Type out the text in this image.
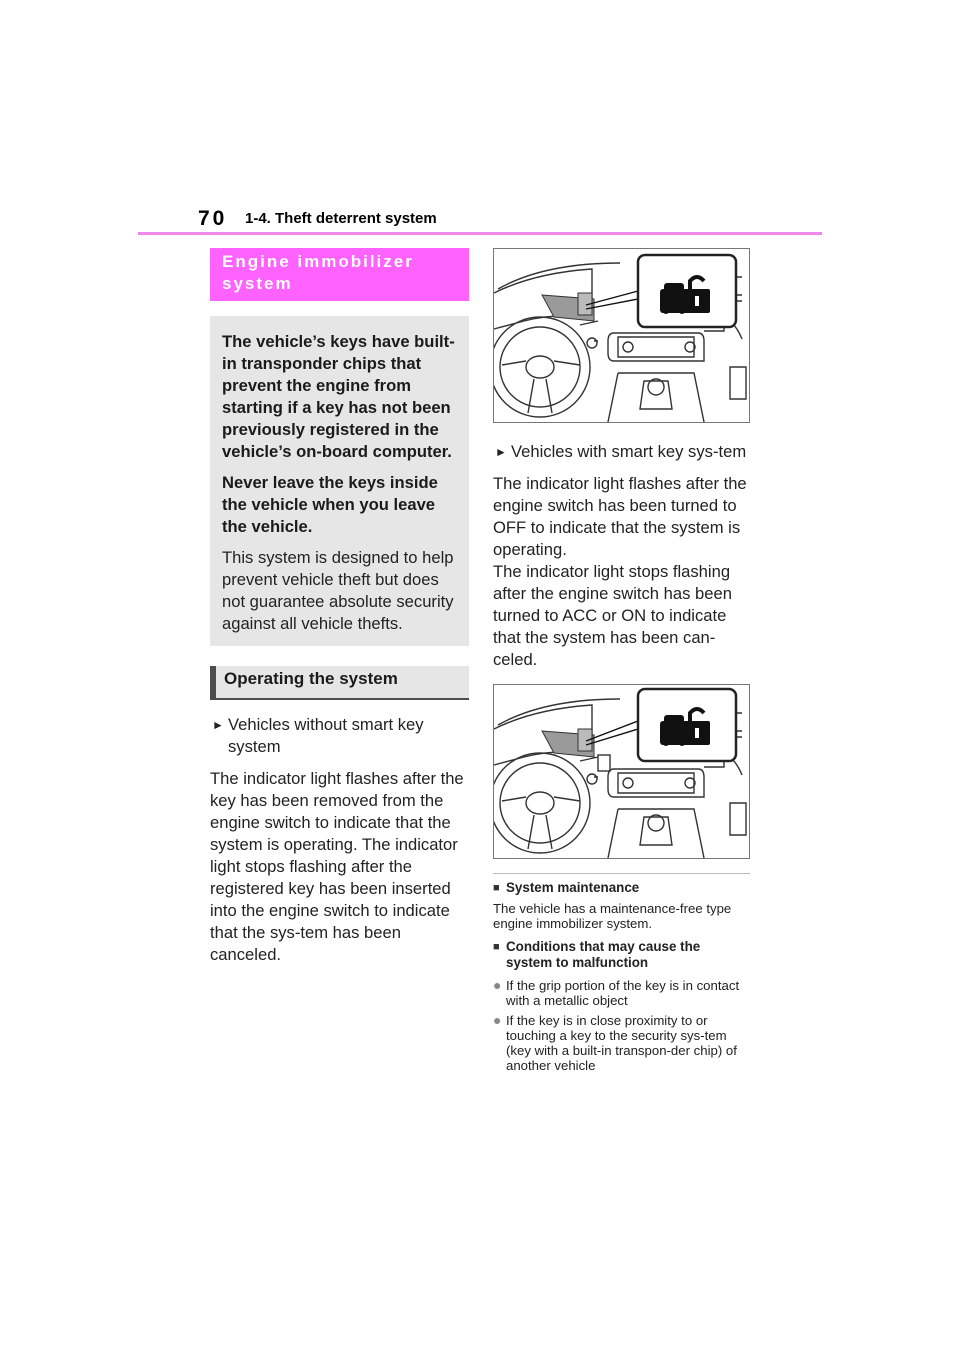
70 1-4. Theft deterrent system
Engine immobilizer system

The vehicle’s keys have built-in transponder chips that prevent the engine from starting if a key has not been previously registered in the vehicle’s on-board computer.

Never leave the keys inside the vehicle when you leave the vehicle.

This system is designed to help prevent vehicle theft but does not guarantee absolute security against all vehicle thefts.

Operating the system
► Vehicles without smart key system

The indicator light flashes after the key has been removed from the engine switch to indicate that the system is operating. The indicator light stops flashing after the registered key has been inserted into the engine switch to indicate that the sys-tem has been canceled.

► Vehicles with smart key sys-tem

The indicator light flashes after the engine switch has been turned to OFF to indicate that the system is operating.

The indicator light stops flashing after the engine switch has been turned to ACC or ON to indicate that the system has been can-celed.

■ System maintenance

The vehicle has a maintenance-free type engine immobilizer system.

■ Conditions that may cause the system to malfunction
● If the grip portion of the key is in contact with a metallic object
● If the key is in close proximity to or touching a key to the security sys-tem (key with a built-in transpon-der chip) of another vehicle
